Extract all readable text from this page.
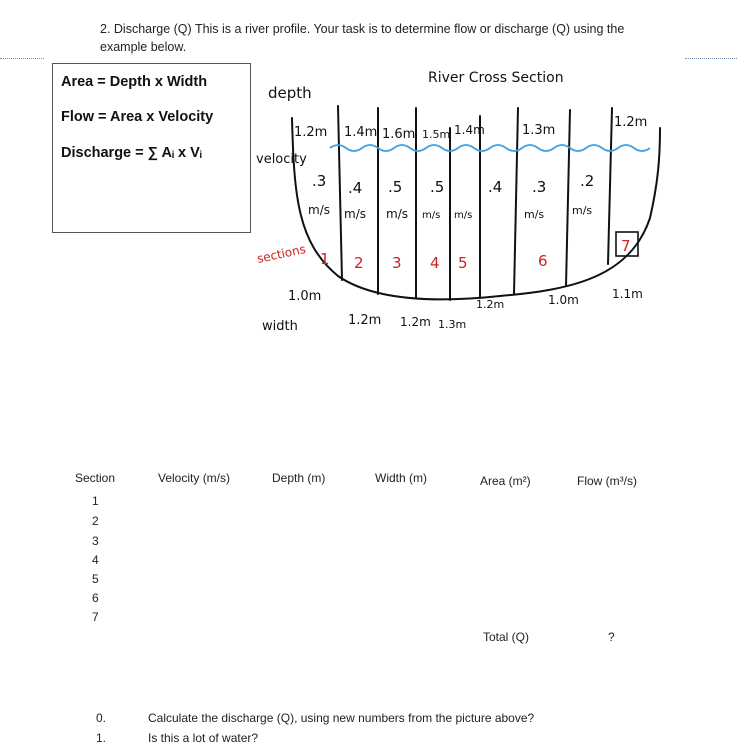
2. Discharge (Q) This is a river profile. Your task is to determine flow or discharge (Q) using the
example below.
Area = Depth x Width
Flow = Area x Velocity
Discharge = ∑ Aᵢ x Vᵢ
River Cross Section
depth
velocity
sections
width
1.2m 1.4m 1.6m 1.5m 1.4m	1.3m
1.2m
.3 .4 .5 .5	.4 .3 .2
m/s m/s m/s m/s m/s	m/s	m/s
1 2 3 4 5	6
7
1.0m
1.2m 1.2m 1.3m
1.2m	1.0m	1.1m
Section	Velocity (m/s)	Depth (m)	Width (m)	Area (m²)	Flow (m³/s)
1
2
3
4
5
6
7
Total (Q)	?
0.	Calculate the discharge (Q), using new numbers from the picture above?
1.	Is this a lot of water?
